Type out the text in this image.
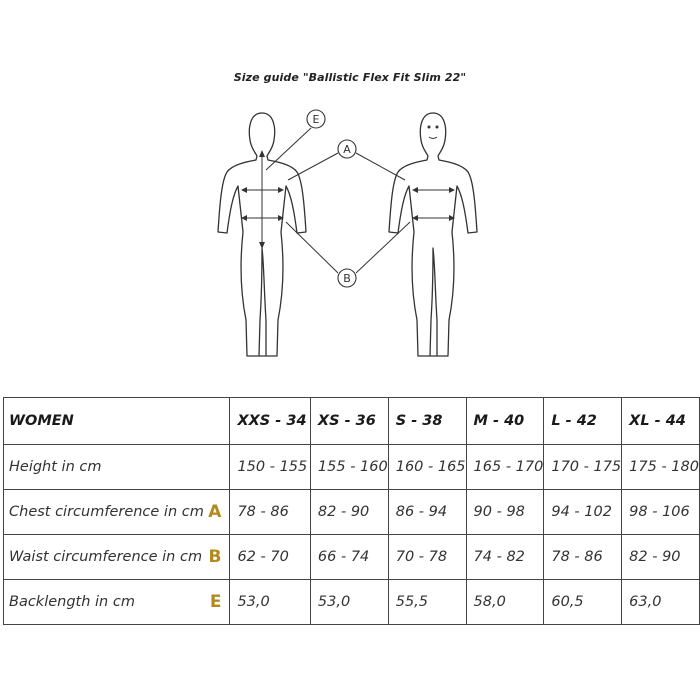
Size guide "Ballistic Flex Fit Slim 22"
E
A
B
WOMEN	XXS - 34	XS - 36	S - 38	M - 40	L - 42	XL - 44

Height in cm	150 - 155	155 - 160	160 - 165	165 - 170	170 - 175	175 - 180

Chest circumference in cm A	78 - 86	82 - 90	86 - 94	90 - 98	94 - 102	98 - 106

Waist circumference in cm B	62 - 70	66 - 74	70 - 78	74 - 82	78 - 86	82 - 90

Backlength in cm E	53,0	53,0	55,5	58,0	60,5	63,0
